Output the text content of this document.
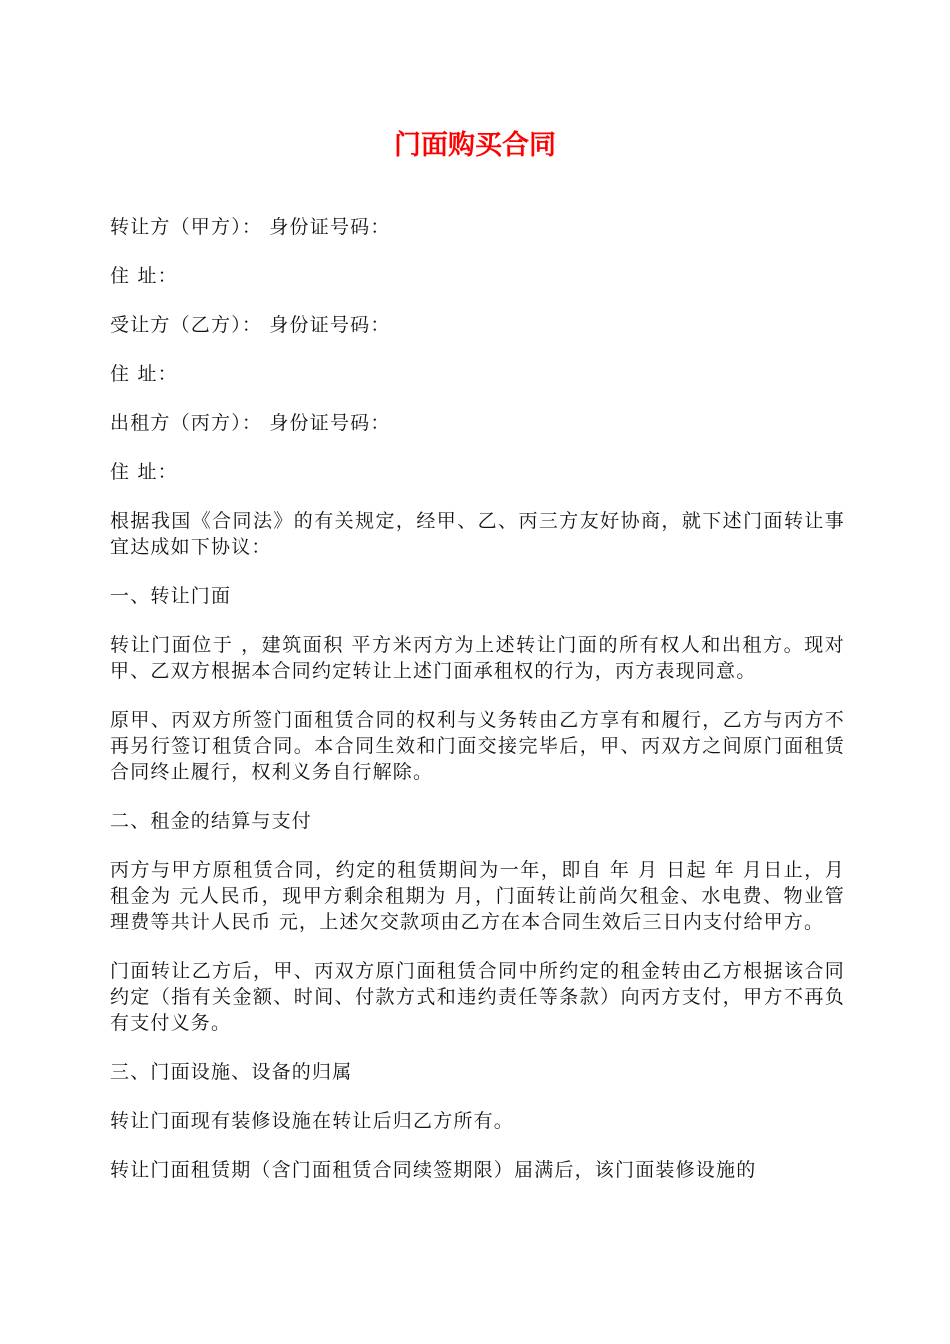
门面购买合同

转让方（甲方）： 身份证号码：

住 址：

受让方（乙方）： 身份证号码：

住 址：

出租方（丙方）： 身份证号码：

住 址：

根据我国《合同法》的有关规定，经甲、乙、丙三方友好协商，就下述门面转让事宜达成如下协议：

一、转让门面

转让门面位于 ，建筑面积 平方米丙方为上述转让门面的所有权人和出租方。现对甲、乙双方根据本合同约定转让上述门面承租权的行为，丙方表现同意。

原甲、丙双方所签门面租赁合同的权利与义务转由乙方享有和履行，乙方与丙方不再另行签订租赁合同。本合同生效和门面交接完毕后，甲、丙双方之间原门面租赁合同终止履行，权利义务自行解除。

二、租金的结算与支付

丙方与甲方原租赁合同，约定的租赁期间为一年，即自 年 月 日起 年 月日止，月租金为 元人民币，现甲方剩余租期为 月，门面转让前尚欠租金、水电费、物业管理费等共计人民币 元，上述欠交款项由乙方在本合同生效后三日内支付给甲方。

门面转让乙方后，甲、丙双方原门面租赁合同中所约定的租金转由乙方根据该合同约定（指有关金额、时间、付款方式和违约责任等条款）向丙方支付，甲方不再负有支付义务。

三、门面设施、设备的归属

转让门面现有装修设施在转让后归乙方所有。

转让门面租赁期（含门面租赁合同续签期限）届满后，该门面装修设施的
